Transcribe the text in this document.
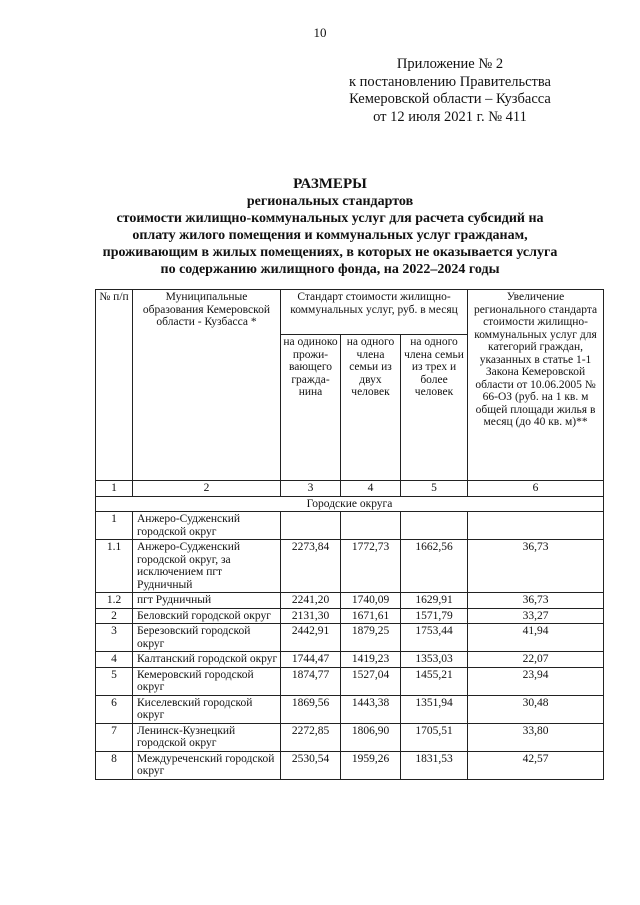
10
Приложение № 2
к постановлению Правительства
Кемеровской области – Кузбасса
от 12 июля 2021 г. № 411
РАЗМЕРЫ
региональных стандартов
стоимости жилищно-коммунальных услуг для расчета субсидий на
оплату жилого помещения и коммунальных услуг гражданам,
проживающим в жилых помещениях, в которых не оказывается услуга
по содержанию жилищного фонда, на 2022–2024 годы
№ п/п	Муниципальные образования Кемеровской области - Кузбасса *	Стандарт стоимости жилищно-коммунальных услуг, руб. в месяц			Увеличение регионального стандарта стоимости жилищно-коммунальных услуг для категорий граждан, указанных в статье 1-1 Закона Кемеровской области от 10.06.2005 № 66-ОЗ (руб. на 1 кв. м общей площади жилья в месяц (до 40 кв. м)**
		на одиноко прожи-вающего гражда-нина	на одного члена семьи из двух человек	на одного члена семьи из трех и более человек	
1	2	3	4	5	6
Городские округа					
1	Анжеро-Судженский городской округ				
1.1	Анжеро-Судженский городской округ, за исключением пгт Рудничный	2273,84	1772,73	1662,56	36,73
1.2	пгт Рудничный	2241,20	1740,09	1629,91	36,73
2	Беловский городской округ	2131,30	1671,61	1571,79	33,27
3	Березовский городской округ	2442,91	1879,25	1753,44	41,94
4	Калтанский городской округ	1744,47	1419,23	1353,03	22,07
5	Кемеровский городской округ	1874,77	1527,04	1455,21	23,94
6	Киселевский городской округ	1869,56	1443,38	1351,94	30,48
7	Ленинск-Кузнецкий городской округ	2272,85	1806,90	1705,51	33,80
8	Междуреченский городской округ	2530,54	1959,26	1831,53	42,57
